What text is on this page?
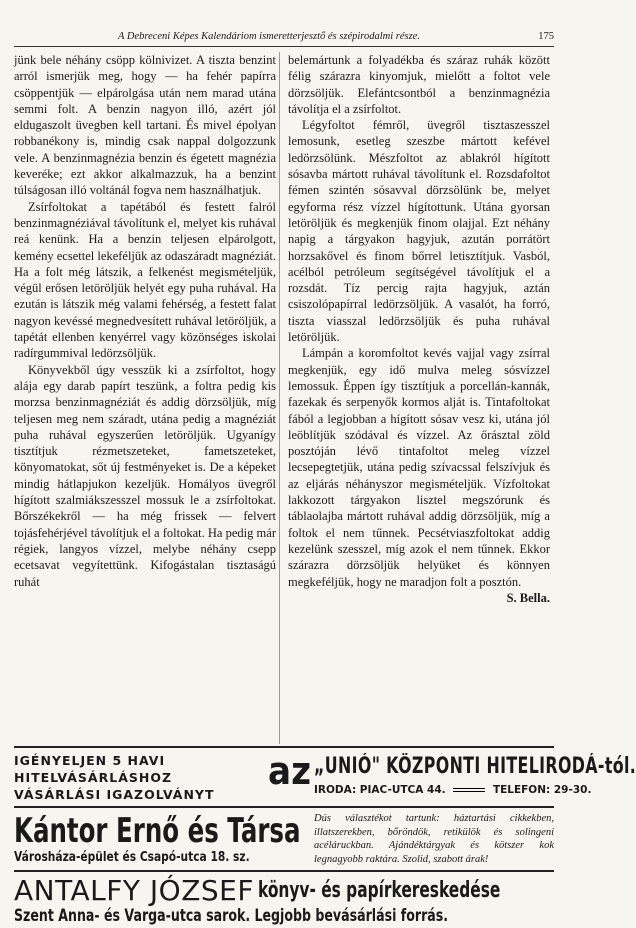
A Debreceni Képes Kalendáriom ismeretterjesztő és szépirodalmi része.	175

jünk bele néhány csöpp kölnivizet. A tiszta benzint arról ismerjük meg, hogy — ha fehér papírra csöppentjük — elpárolgása után nem marad utána semmi folt. A benzin nagyon illó, azért jól eldugaszolt üvegben kell tartani. És mivel épolyan robbanékony is, mindig csak nappal dolgozzunk vele. A benzinmagnézia benzin és égetett magnézia keveréke; ezt akkor alkalmazzuk, ha a benzint túlságosan illó voltánál fogva nem használhatjuk.

Zsírfoltokat a tapétából és festett falról benzinmagnéziával távolítunk el, melyet kis ruhával reá kenünk. Ha a benzin teljesen elpárolgott, kemény ecsettel lekeféljük az odaszáradt magnéziát. Ha a folt még látszik, a felkenést megismételjük, végül erősen letöröljük helyét egy puha ruhával. Ha ezután is látszik még valami fehérség, a festett falat nagyon kevéssé megnedvesített ruhával letöröljük, a tapétát ellenben kenyérrel vagy közönséges iskolai radírgummival ledörzsöljük.

Könyvekből úgy vesszük ki a zsírfoltot, hogy alája egy darab papírt teszünk, a foltra pedig kis morzsa benzinmagnéziát és addig dörzsöljük, míg teljesen meg nem száradt, utána pedig a magnéziát puha ruhával egyszerűen letöröljük. Ugyanígy tisztítjuk rézmetszeteket, fametszeteket, könyomatokat, sőt új festményeket is. De a képeket mindig hátlapjukon kezeljük. Homályos üvegről hígított szalmiákszesszel mossuk le a zsírfoltokat. Bőrszékekről — ha még frissek — felvert tojásfehérjével távolítjuk el a foltokat. Ha pedig már régiek, langyos vízzel, melybe néhány csepp ecetsavat vegyítettünk. Kifogástalan tisztaságú ruhát

belemártunk a folyadékba és száraz ruhák között félig szárazra kinyomjuk, mielőtt a foltot vele dörzsöljük. Elefántcsontból a benzinmagnézia távolítja el a zsírfoltot.

Légyfoltot fémről, üvegről tisztaszesszel lemosunk, esetleg szeszbe mártott kefével ledörzsölünk. Mészfoltot az ablakról hígított sósavba mártott ruhával távolítunk el. Rozsdafoltot fémen szintén sósavval dörzsölünk be, melyet egyforma rész vízzel hígítottunk. Utána gyorsan letöröljük és megkenjük finom olajjal. Ezt néhány napig a tárgyakon hagyjuk, azután porrátört horzsakővel és finom bőrrel letisztítjuk. Vasból, acélból petróleum segítségével távolítjuk el a rozsdát. Tíz percig rajta hagyjuk, aztán csiszolópapírral ledörzsöljük. A vasalót, ha forró, tiszta viasszal ledörzsöljük és puha ruhával letöröljük.

Lámpán a koromfoltot kevés vajjal vagy zsírral megkenjük, egy idő mulva meleg sósvízzel lemossuk. Éppen így tisztítjuk a porcellán-kannák, fazekak és serpenyők kormos alját is. Tintafoltokat fából a legjobban a hígított sósav vesz ki, utána jól leöblítjük szódával és vízzel. Az őrásztal zöld posztóján lévő tintafoltot meleg vízzel lecsepegtetjük, utána pedig szívacssal felszívjuk és az eljárás néhányszor megismételjük. Vízfoltokat lakkozott tárgyakon lisztel megszórunk és táblaolajba mártott ruhával addig dörzsöljük, míg a foltok el nem tűnnek. Pecsétviaszfoltokat addig kezelünk szesszel, míg azok el nem tűnnek. Ekkor szárazra dörzsöljük helyüket és könnyen megkeféljük, hogy ne maradjon folt a posztón.

S. Bella.
IGÉNYELJEN 5 HAVI
HITELVÁSÁRLÁSHOZ
VÁSÁRLÁSI IGAZOLVÁNYT
az „UNIÓ" KÖZPONTI HITELIRODÁ-tól.
IRODA: PIAC-UTCA 44.	TELEFON: 29-30.
Kántor Ernő és Társa
Városháza-épület és Csapó-utca 18. sz.
Dús választékot tartunk: háztartási cikkekben, illatszerekben, bőröndök, retikülök és solingeni acéláruckban. Ajándéktárgyak és kötszer kok legnagyobb raktára. Szolid, szabott árak!
ANTALFY JÓZSEF könyv- és papírkereskedése
Szent Anna- és Varga-utca sarok. Legjobb bevásárlási forrás.
